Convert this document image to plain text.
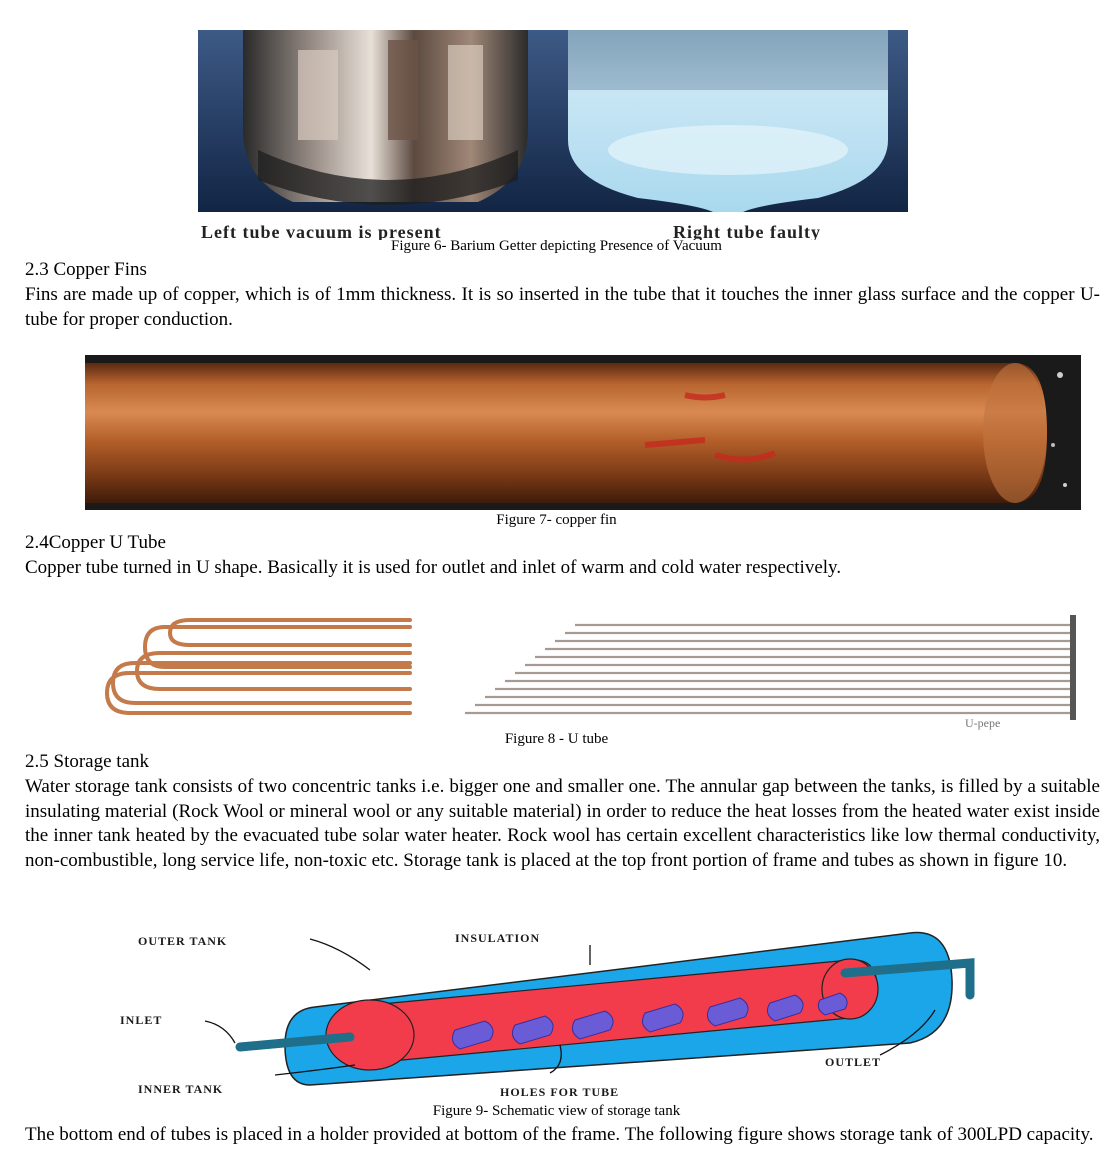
Left tube vacuum is present	Right tube faulty
Figure 6- Barium Getter depicting Presence of Vacuum
2.3 Copper Fins
Fins are made up of copper, which is of 1mm thickness. It is so inserted in the tube that it touches the inner glass surface and the copper U-tube for proper conduction.
Figure 7- copper fin
2.4Copper U Tube
Copper tube turned in U shape. Basically it is used for outlet and inlet of warm and cold water respectively.
U-pepe
Figure 8 - U tube
2.5 Storage tank
Water storage tank consists of two concentric tanks i.e. bigger one and smaller one. The annular gap between the tanks, is filled by a suitable insulating material (Rock Wool or mineral wool or any suitable material) in order to reduce the heat losses from the heated water exist inside the inner tank heated by the evacuated tube solar water heater. Rock wool has certain excellent characteristics like low thermal conductivity, non-combustible, long service life, non-toxic etc. Storage tank is placed at the top front portion of frame and tubes as shown in figure 10.
OUTER TANK	INSULATION
INLET
OUTLET
INNER TANK	HOLES FOR TUBE
Figure 9- Schematic view of storage tank
The bottom end of tubes is placed in a holder provided at bottom of the frame. The following figure shows storage tank of 300LPD capacity.
